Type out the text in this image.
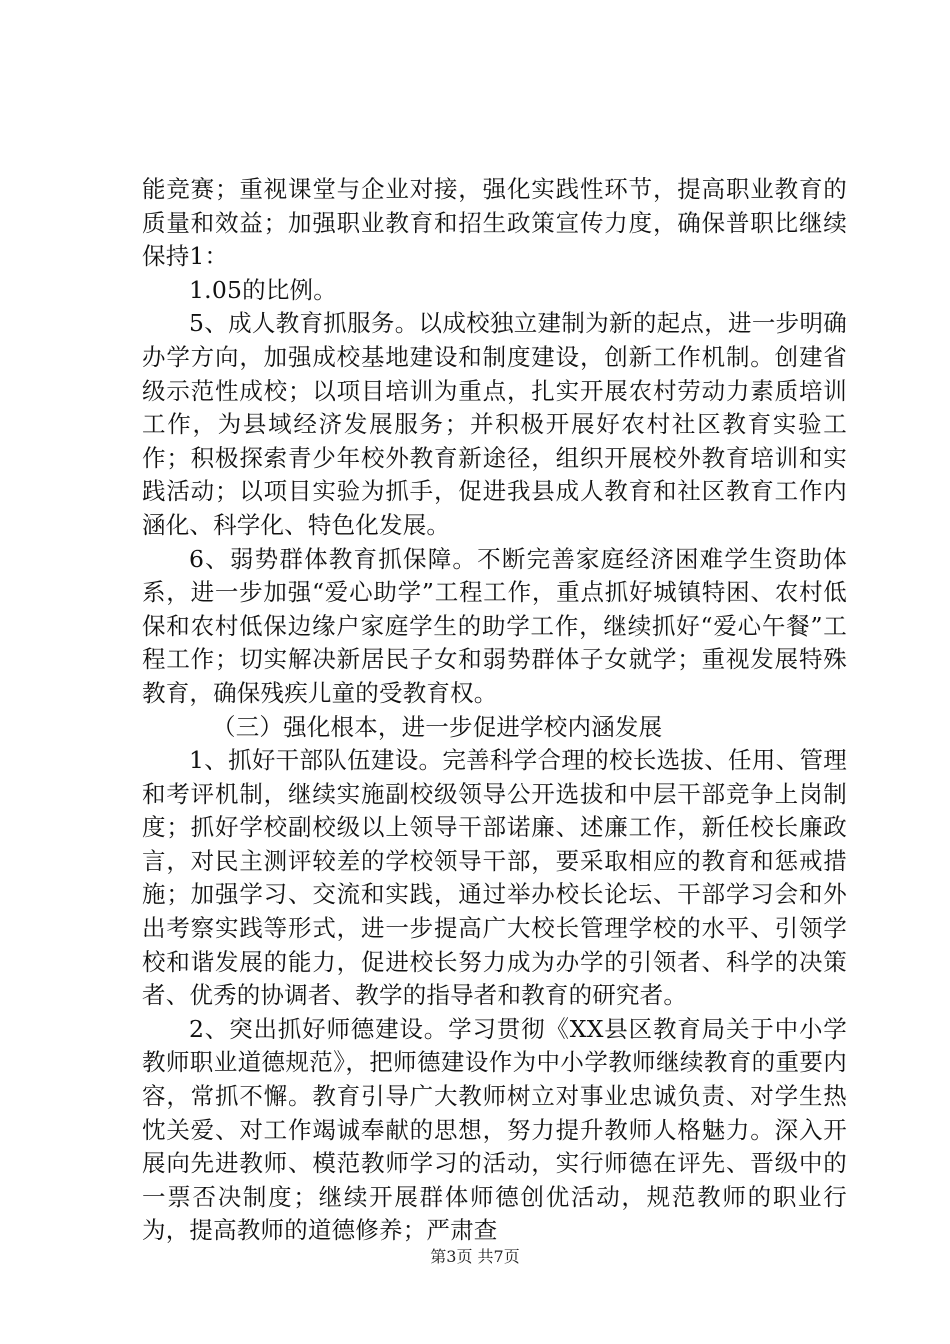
能竞赛；重视课堂与企业对接，强化实践性环节，提高职业教育的质量和效益；加强职业教育和招生政策宣传力度，确保普职比继续保持1：

1.05的比例。

5、成人教育抓服务。以成校独立建制为新的起点，进一步明确办学方向，加强成校基地建设和制度建设，创新工作机制。创建省级示范性成校；以项目培训为重点，扎实开展农村劳动力素质培训工作，为县域经济发展服务；并积极开展好农村社区教育实验工作；积极探索青少年校外教育新途径，组织开展校外教育培训和实践活动；以项目实验为抓手，促进我县成人教育和社区教育工作内涵化、科学化、特色化发展。

6、弱势群体教育抓保障。不断完善家庭经济困难学生资助体系，进一步加强“爱心助学”工程工作，重点抓好城镇特困、农村低保和农村低保边缘户家庭学生的助学工作，继续抓好“爱心午餐”工程工作；切实解决新居民子女和弱势群体子女就学；重视发展特殊教育，确保残疾儿童的受教育权。

（三）强化根本，进一步促进学校内涵发展

1、抓好干部队伍建设。完善科学合理的校长选拔、任用、管理和考评机制，继续实施副校级领导公开选拔和中层干部竞争上岗制度；抓好学校副校级以上领导干部诺廉、述廉工作，新任校长廉政言，对民主测评较差的学校领导干部，要采取相应的教育和惩戒措施；加强学习、交流和实践，通过举办校长论坛、干部学习会和外出考察实践等形式，进一步提高广大校长管理学校的水平、引领学校和谐发展的能力，促进校长努力成为办学的引领者、科学的决策者、优秀的协调者、教学的指导者和教育的研究者。

2、突出抓好师德建设。学习贯彻《XX县区教育局关于中小学教师职业道德规范》，把师德建设作为中小学教师继续教育的重要内容，常抓不懈。教育引导广大教师树立对事业忠诚负责、对学生热忱关爱、对工作竭诚奉献的思想，努力提升教师人格魅力。深入开展向先进教师、模范教师学习的活动，实行师德在评先、晋级中的一票否决制度；继续开展群体师德创优活动，规范教师的职业行为，提高教师的道德修养；严肃查

第3页 共7页
